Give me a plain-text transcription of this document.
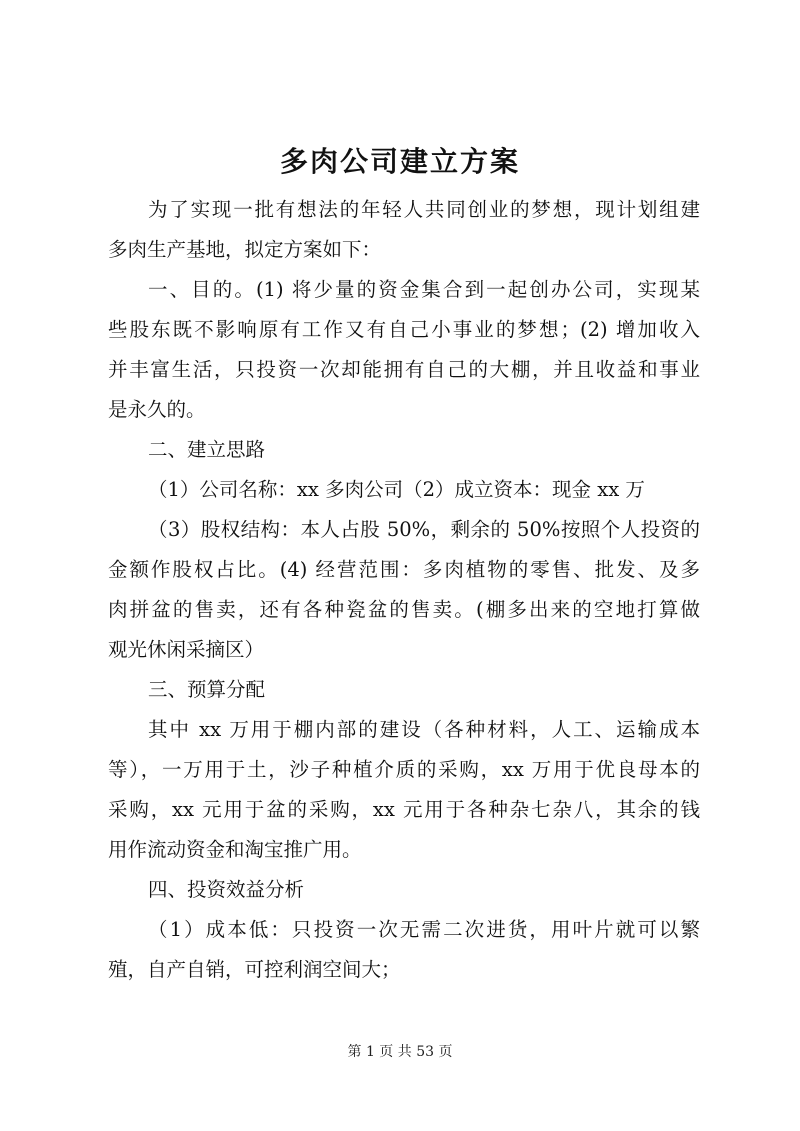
多肉公司建立方案
为了实现一批有想法的年轻人共同创业的梦想，现计划组建
多肉生产基地，拟定方案如下：
一、目的。(1) 将少量的资金集合到一起创办公司，实现某
些股东既不影响原有工作又有自己小事业的梦想；(2) 增加收入
并丰富生活，只投资一次却能拥有自己的大棚，并且收益和事业
是永久的。
二、建立思路
（1）公司名称：xx 多肉公司（2）成立资本：现金 xx 万
（3）股权结构：本人占股 50%，剩余的 50%按照个人投资的
金额作股权占比。(4) 经营范围：多肉植物的零售、批发、及多
肉拼盆的售卖，还有各种瓷盆的售卖。(棚多出来的空地打算做
观光休闲采摘区）
三、预算分配
其中 xx 万用于棚内部的建设（各种材料，人工、运输成本
等），一万用于土，沙子种植介质的采购，xx 万用于优良母本的
采购，xx 元用于盆的采购，xx 元用于各种杂七杂八，其余的钱
用作流动资金和淘宝推广用。
四、投资效益分析
（1）成本低：只投资一次无需二次进货，用叶片就可以繁
殖，自产自销，可控利润空间大；
第 1 页 共 53 页
